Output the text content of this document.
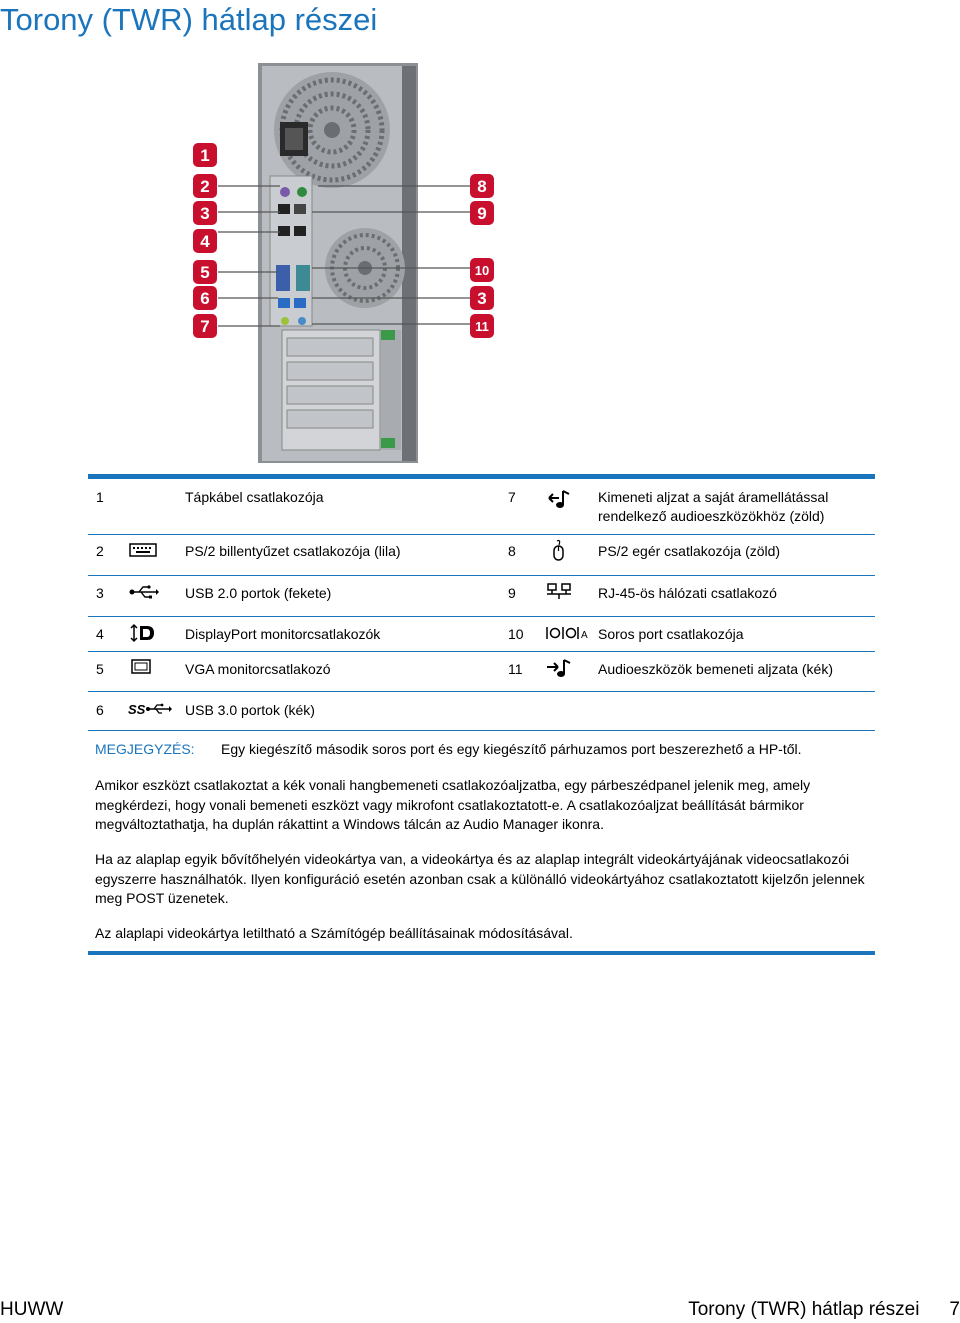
Torony (TWR) hátlap részei
1
2
3
4
5
6
7
8
9
10
3
11
1	Tápkábel csatlakozója	7	Kimeneti aljzat a saját áramellátással rendelkező audioeszközökhöz (zöld)
2	PS/2 billentyűzet csatlakozója (lila)	8	PS/2 egér csatlakozója (zöld)
3	USB 2.0 portok (fekete)	9	RJ-45-ös hálózati csatlakozó
4	DisplayPort monitorcsatlakozók	10	A Soros port csatlakozója
5	VGA monitorcsatlakozó	11	Audioeszközök bemeneti aljzata (kék)
6 SS	USB 3.0 portok (kék)
MEGJEGYZÉS: Egy kiegészítő második soros port és egy kiegészítő párhuzamos port beszerezhető a HP-től.

Amikor eszközt csatlakoztat a kék vonali hangbemeneti csatlakozóaljzatba, egy párbeszédpanel jelenik meg, amely megkérdezi, hogy vonali bemeneti eszközt vagy mikrofont csatlakoztatott-e. A csatlakozóaljzat beállítását bármikor megváltoztathatja, ha duplán rákattint a Windows tálcán az Audio Manager ikonra.

Ha az alaplap egyik bővítőhelyén videokártya van, a videokártya és az alaplap integrált videokártyájának videocsatlakozói egyszerre használhatók. Ilyen konfiguráció esetén azonban csak a különálló videokártyához csatlakoztatott kijelzőn jelennek meg POST üzenetek.

Az alaplapi videokártya letiltható a Számítógép beállításainak módosításával.

HUWW	Torony (TWR) hátlap részei 7
